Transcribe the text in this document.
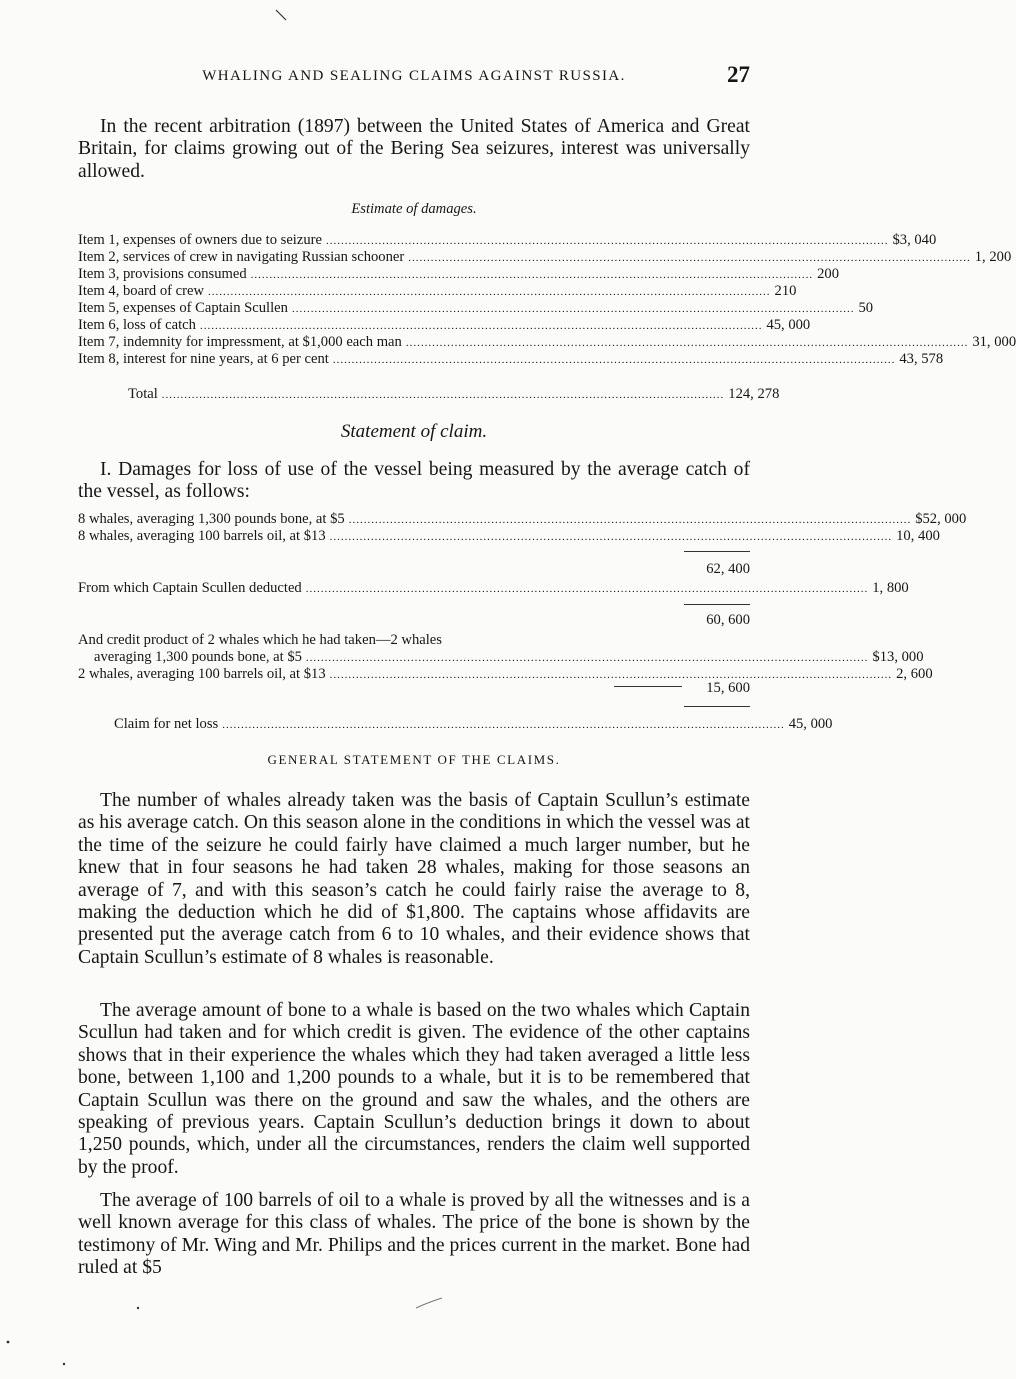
WHALING AND SEALING CLAIMS AGAINST RUSSIA.	27

In the recent arbitration (1897) between the United States of America and Great Britain, for claims growing out of the Bering Sea seizures, interest was universally allowed.

Estimate of damages.
Item 1, expenses of owners due to seizure ...................................................................................................................................................... $3, 040
Item 2, services of crew in navigating Russian schooner ...................................................................................................................................................... 1, 200
Item 3, provisions consumed ...................................................................................................................................................... 200
Item 4, board of crew ...................................................................................................................................................... 210
Item 5, expenses of Captain Scullen ...................................................................................................................................................... 50
Item 6, loss of catch ...................................................................................................................................................... 45, 000
Item 7, indemnity for impressment, at $1,000 each man ...................................................................................................................................................... 31, 000
Item 8, interest for nine years, at 6 per cent ...................................................................................................................................................... 43, 578
Total ...................................................................................................................................................... 124, 278
Statement of claim.

I. Damages for loss of use of the vessel being measured by the average catch of the vessel, as follows:

8 whales, averaging 1,300 pounds bone, at $5 ...................................................................................................................................................... $52, 000
8 whales, averaging 100 barrels oil, at $13 ...................................................................................................................................................... 10, 400
62, 400
From which Captain Scullen deducted ...................................................................................................................................................... 1, 800
60, 600
And credit product of 2 whales which he had taken—2 whales
averaging 1,300 pounds bone, at $5 ...................................................................................................................................................... $13, 000
2 whales, averaging 100 barrels oil, at $13 ...................................................................................................................................................... 2, 600
15, 600
Claim for net loss ...................................................................................................................................................... 45, 000
GENERAL STATEMENT OF THE CLAIMS.

The number of whales already taken was the basis of Captain Scullun’s estimate as his average catch. On this season alone in the conditions in which the vessel was at the time of the seizure he could fairly have claimed a much larger number, but he knew that in four seasons he had taken 28 whales, making for those seasons an average of 7, and with this season’s catch he could fairly raise the average to 8, making the deduction which he did of $1,800. The captains whose affidavits are presented put the average catch from 6 to 10 whales, and their evidence shows that Captain Scullun’s estimate of 8 whales is reasonable.

The average amount of bone to a whale is based on the two whales which Captain Scullun had taken and for which credit is given. The evidence of the other captains shows that in their experience the whales which they had taken averaged a little less bone, between 1,100 and 1,200 pounds to a whale, but it is to be remembered that Captain Scullun was there on the ground and saw the whales, and the others are speaking of previous years. Captain Scullun’s deduction brings it down to about 1,250 pounds, which, under all the circumstances, renders the claim well supported by the proof.

The average of 100 barrels of oil to a whale is proved by all the witnesses and is a well known average for this class of whales. The price of the bone is shown by the testimony of Mr. Wing and Mr. Philips and the prices current in the market. Bone had ruled at $5
